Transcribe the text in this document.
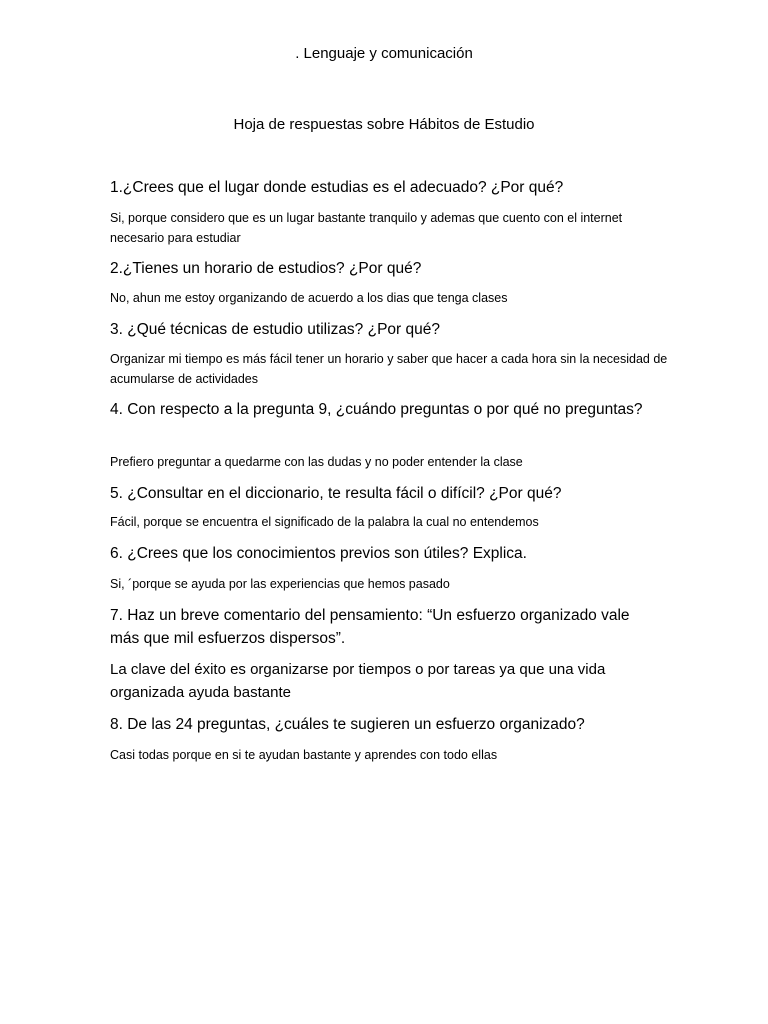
. Lenguaje y comunicación
Hoja de respuestas sobre Hábitos de Estudio
1.¿Crees que el lugar donde estudias es el adecuado? ¿Por qué?
Si, porque considero que es un lugar bastante tranquilo y ademas que cuento con el internet necesario para estudiar
2.¿Tienes un horario de estudios? ¿Por qué?
No, ahun me estoy organizando de acuerdo a los dias que tenga clases
3. ¿Qué técnicas de estudio utilizas? ¿Por qué?
Organizar mi tiempo es más fácil tener un horario y saber que hacer a cada hora sin la necesidad de acumularse de actividades
4. Con respecto a la pregunta 9, ¿cuándo preguntas o por qué no preguntas?
Prefiero preguntar a quedarme con las dudas y no poder entender la clase
5. ¿Consultar en el diccionario, te resulta fácil o difícil? ¿Por qué?
Fácil, porque se encuentra el significado de la palabra la cual no entendemos
6. ¿Crees que los conocimientos previos son útiles? Explica.
Si, ´porque se ayuda por las experiencias que hemos pasado
7. Haz un breve comentario del pensamiento: “Un esfuerzo organizado vale más que mil esfuerzos dispersos”.
La clave del éxito es organizarse por tiempos o por tareas ya que una vida organizada ayuda bastante
8. De las 24 preguntas, ¿cuáles te sugieren un esfuerzo organizado?
Casi todas porque en si te ayudan bastante y aprendes con todo ellas
